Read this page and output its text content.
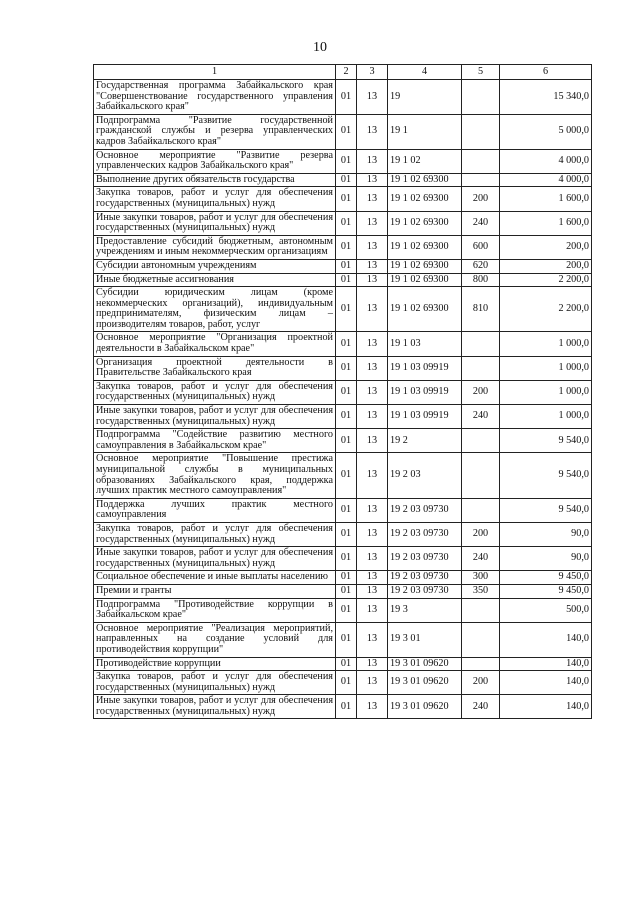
10
1	2	3	4	5	6
Государственная программа Забайкальского края "Совершенствование государственного управления Забайкальского края"	01	13	19		15 340,0
Подпрограмма "Развитие государственной гражданской службы и резерва управленческих кадров Забайкальского края"	01	13	19 1		5 000,0
Основное мероприятие "Развитие резерва управленческих кадров Забайкальского края"	01	13	19 1 02		4 000,0
Выполнение других обязательств государства	01	13	19 1 02 69300		4 000,0
Закупка товаров, работ и услуг для обеспечения государственных (муниципальных) нужд	01	13	19 1 02 69300	200	1 600,0
Иные закупки товаров, работ и услуг для обеспечения государственных (муниципальных) нужд	01	13	19 1 02 69300	240	1 600,0
Предоставление субсидий бюджетным, автономным учреждениям и иным некоммерческим организациям	01	13	19 1 02 69300	600	200,0
Субсидии автономным учреждениям	01	13	19 1 02 69300	620	200,0
Иные бюджетные ассигнования	01	13	19 1 02 69300	800	2 200,0
Субсидии юридическим лицам (кроме некоммерческих организаций), индивидуальным предпринимателям, физическим лицам – производителям товаров, работ, услуг	01	13	19 1 02 69300	810	2 200,0
Основное мероприятие "Организация проектной деятельности в Забайкальском крае"	01	13	19 1 03		1 000,0
Организация проектной деятельности в Правительстве Забайкальского края	01	13	19 1 03 09919		1 000,0
Закупка товаров, работ и услуг для обеспечения государственных (муниципальных) нужд	01	13	19 1 03 09919	200	1 000,0
Иные закупки товаров, работ и услуг для обеспечения государственных (муниципальных) нужд	01	13	19 1 03 09919	240	1 000,0
Подпрограмма "Содействие развитию местного самоуправления в Забайкальском крае"	01	13	19 2		9 540,0
Основное мероприятие "Повышение престижа муниципальной службы в муниципальных образованиях Забайкальского края, поддержка лучших практик местного самоуправления"	01	13	19 2 03		9 540,0
Поддержка лучших практик местного самоуправления	01	13	19 2 03 09730		9 540,0
Закупка товаров, работ и услуг для обеспечения государственных (муниципальных) нужд	01	13	19 2 03 09730	200	90,0
Иные закупки товаров, работ и услуг для обеспечения государственных (муниципальных) нужд	01	13	19 2 03 09730	240	90,0
Социальное обеспечение и иные выплаты населению	01	13	19 2 03 09730	300	9 450,0
Премии и гранты	01	13	19 2 03 09730	350	9 450,0
Подпрограмма "Противодействие коррупции в Забайкальском крае"	01	13	19 3		500,0
Основное мероприятие "Реализация мероприятий, направленных на создание условий для противодействия коррупции"	01	13	19 3 01		140,0
Противодействие коррупции	01	13	19 3 01 09620		140,0
Закупка товаров, работ и услуг для обеспечения государственных (муниципальных) нужд	01	13	19 3 01 09620	200	140,0
Иные закупки товаров, работ и услуг для обеспечения государственных (муниципальных) нужд	01	13	19 3 01 09620	240	140,0
